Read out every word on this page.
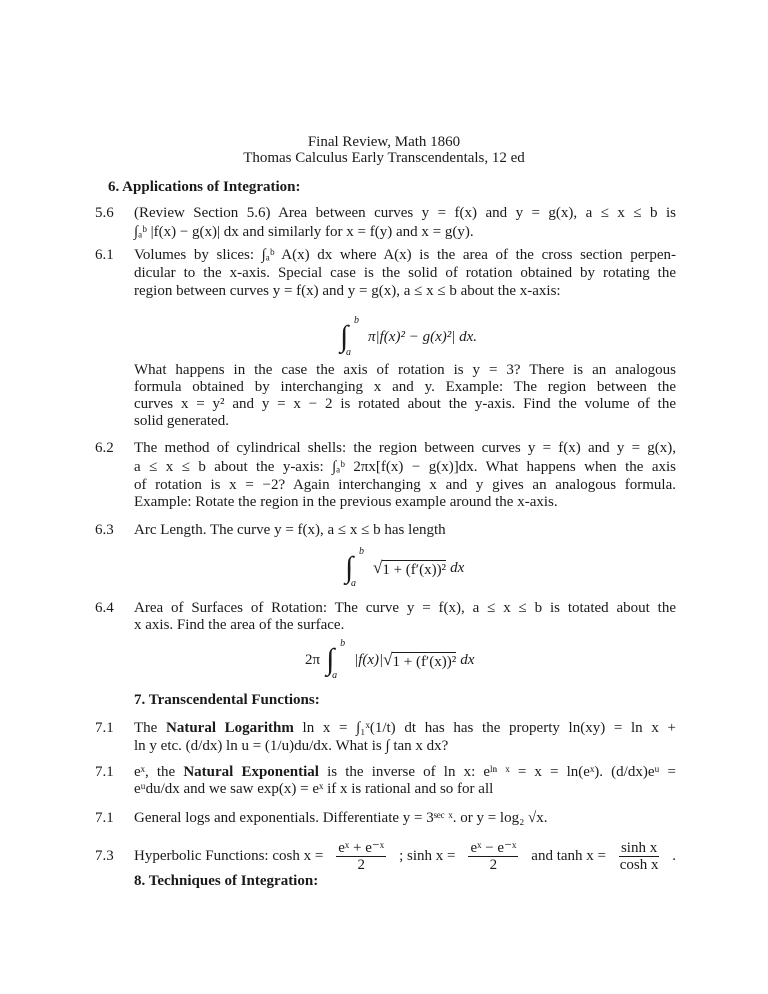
Final Review, Math 1860
Thomas Calculus Early Transcendentals, 12 ed
6. Applications of Integration:
5.6 (Review Section 5.6) Area between curves y = f(x) and y = g(x), a ≤ x ≤ b is
∫ₐᵇ |f(x) − g(x)| dx and similarly for x = f(y) and x = g(y).
6.1 Volumes by slices: ∫ₐᵇ A(x) dx where A(x) is the area of the cross section perpen-
dicular to the x-axis. Special case is the solid of rotation obtained by rotating the
region between curves y = f(x) and y = g(x), a ≤ x ≤ b about the x-axis:
∫ b
a
π|f(x)² − g(x)²| dx.
What happens in the case the axis of rotation is y = 3? There is an analogous
formula obtained by interchanging x and y. Example: The region between the
curves x = y² and y = x − 2 is rotated about the y-axis. Find the volume of the
solid generated.
6.2 The method of cylindrical shells: the region between curves y = f(x) and y = g(x),
a ≤ x ≤ b about the y-axis: ∫ₐᵇ 2πx[f(x) − g(x)]dx. What happens when the axis
of rotation is x = −2? Again interchanging x and y gives an analogous formula.
Example: Rotate the region in the previous example around the x-axis.
6.3 Arc Length. The curve y = f(x), a ≤ x ≤ b has length
∫ b
a
√ 1 + (f′(x))² dx
6.4 Area of Surfaces of Rotation: The curve y = f(x), a ≤ x ≤ b is totated about the
x axis. Find the area of the surface.
2π ∫ b
a
|f(x)| √ 1 + (f′(x))² dx
7. Transcendental Functions:
7.1 The Natural Logarithm ln x = ∫₁ˣ(1/t) dt has has the property ln(xy) = ln x +
ln y etc. (d/dx) ln u = (1/u)du/dx. What is ∫ tan x dx?
7.1 eˣ, the Natural Exponential is the inverse of ln x: eˡⁿ ˣ = x = ln(eˣ). (d/dx)eᵘ =
eᵘdu/dx and we saw exp(x) = eˣ if x is rational and so for all
7.1 General logs and exponentials. Differentiate y = 3ˢᵉᶜ ˣ. or y = log₂ √x.
7.3 Hyperbolic Functions: $\cosh x = \frac{\text{eˣ + e⁻ˣ}}{2}$ ; $\sinh x = \frac{\text{eˣ − e⁻ˣ}}{2}$ and $\tanh x = \frac{\text{sinh x}}{\text{cosh x}}$ .
8. Techniques of Integration:
